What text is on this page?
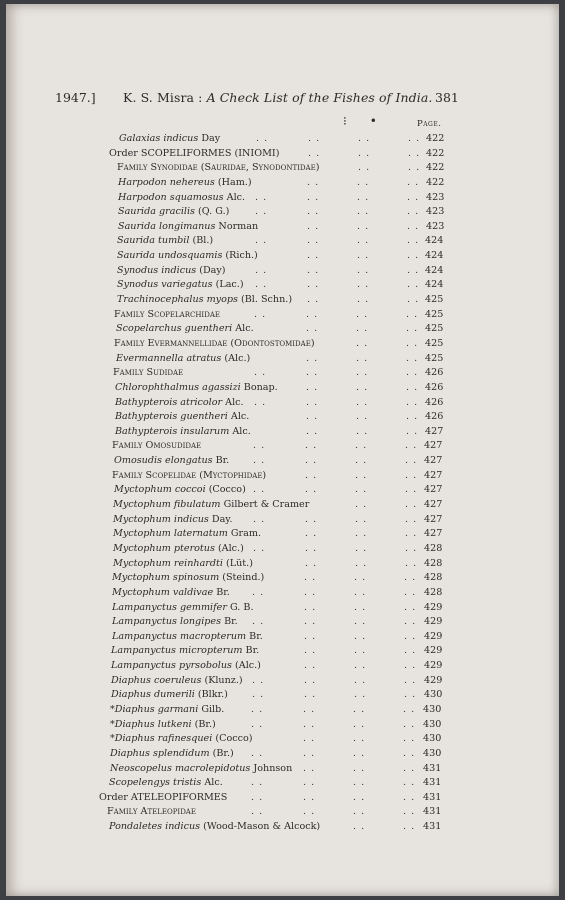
1947.] K. S. Misra : A Check List of the Fishes of India. 381
⁝      •	Page.
Galaxias indicus Day	. .	. .	. .	. . 422
Order SCOPELIFORMES (INIOMI)	. .	. .	. . 422
Family Synodidae (Sauridae, Synodontidae)	. .	. . 422
Harpodon nehereus (Ham.)	. .	. .	. . 422
Harpodon squamosus Alc. . .	. .	. .	. . 423
Saurida gracilis (Q. G.)	. .	. .	. .	. . 423
Saurida longimanus Norman	. .	. .	. . 423
Saurida tumbil (Bl.)	. .	. .	. .	. . 424
Saurida undosquamis (Rich.)	. .	. .	. . 424
Synodus indicus (Day)	. .	. .	. .	. . 424
Synodus variegatus (Lac.) . .	. .	. .	. . 424
Trachinocephalus myops (Bl. Schn.) . .	. .	. . 425
Family Scopelarchidae	. .	. .	. .	. . 425
Scopelarchus guentheri Alc.	. .	. .	. . 425
Family Evermannellidae (Odontostomidae)	. .	. . 425
Evermannella atratus (Alc.)	. .	. .	. . 425
Family Sudidae	. .	. .	. .	. . 426
Chlorophthalmus agassizi Bonap.	. .	. .	. . 426
Bathypterois atricolor Alc. . .	. .	. .	. . 426
Bathypterois guentheri Alc.	. .	. .	. . 426
Bathypterois insularum Alc.	. .	. .	. . 427
Family Omosudidae	. .	. .	. .	. . 427
Omosudis elongatus Br. . .	. .	. .	. . 427
Family Scopelidae (Myctophidae)	. .	. .	. . 427
Myctophum coccoi (Cocco) . .	. .	. .	. . 427
Myctophum fibulatum Gilbert & Cramer	. .	. . 427
Myctophum indicus Day. . .	. .	. .	. . 427
Myctophum laternatum Gram.	. .	. .	. . 427
Myctophum pterotus (Alc.) . .	. .	. .	. . 428
Myctophum reinhardti (Lüt.)	. .	. .	. . 428
Myctophum spinosum (Steind.)	. .	. .	. . 428
Myctophum valdivae Br. . .	. .	. .	. . 428
Lampanyctus gemmifer G. B.	. .	. .	. . 429
Lampanyctus longipes Br. . .	. .	. .	. . 429
Lampanyctus macropterum Br.	. .	. .	. . 429
Lampanyctus micropterum Br.	. .	. .	. . 429
Lampanyctus pyrsobolus (Alc.)	. .	. .	. . 429
Diaphus coeruleus (Klunz.) . .	. .	. .	. . 429
Diaphus dumerili (Blkr.)	. .	. .	. .	. . 430
*Diaphus garmani Gilb.	. .	. .	. .	. . 430
*Diaphus lutkeni (Br.)	. .	. .	. .	. . 430
*Diaphus rafinesquei (Cocco)	. .	. .	. . 430
Diaphus splendidum (Br.) . .	. .	. .	. . 430
Neoscopelus macrolepidotus Johnson . .	. .	. . 431
Scopelengys tristis Alc.	. .	. .	. .	. . 431
Order ATELEOPIFORMES . .	. .	. .	. . 431
Family Ateleopidae	. .	. .	. .	. . 431
Pondaletes indicus (Wood-Mason & Alcock)	. .	. . 431
